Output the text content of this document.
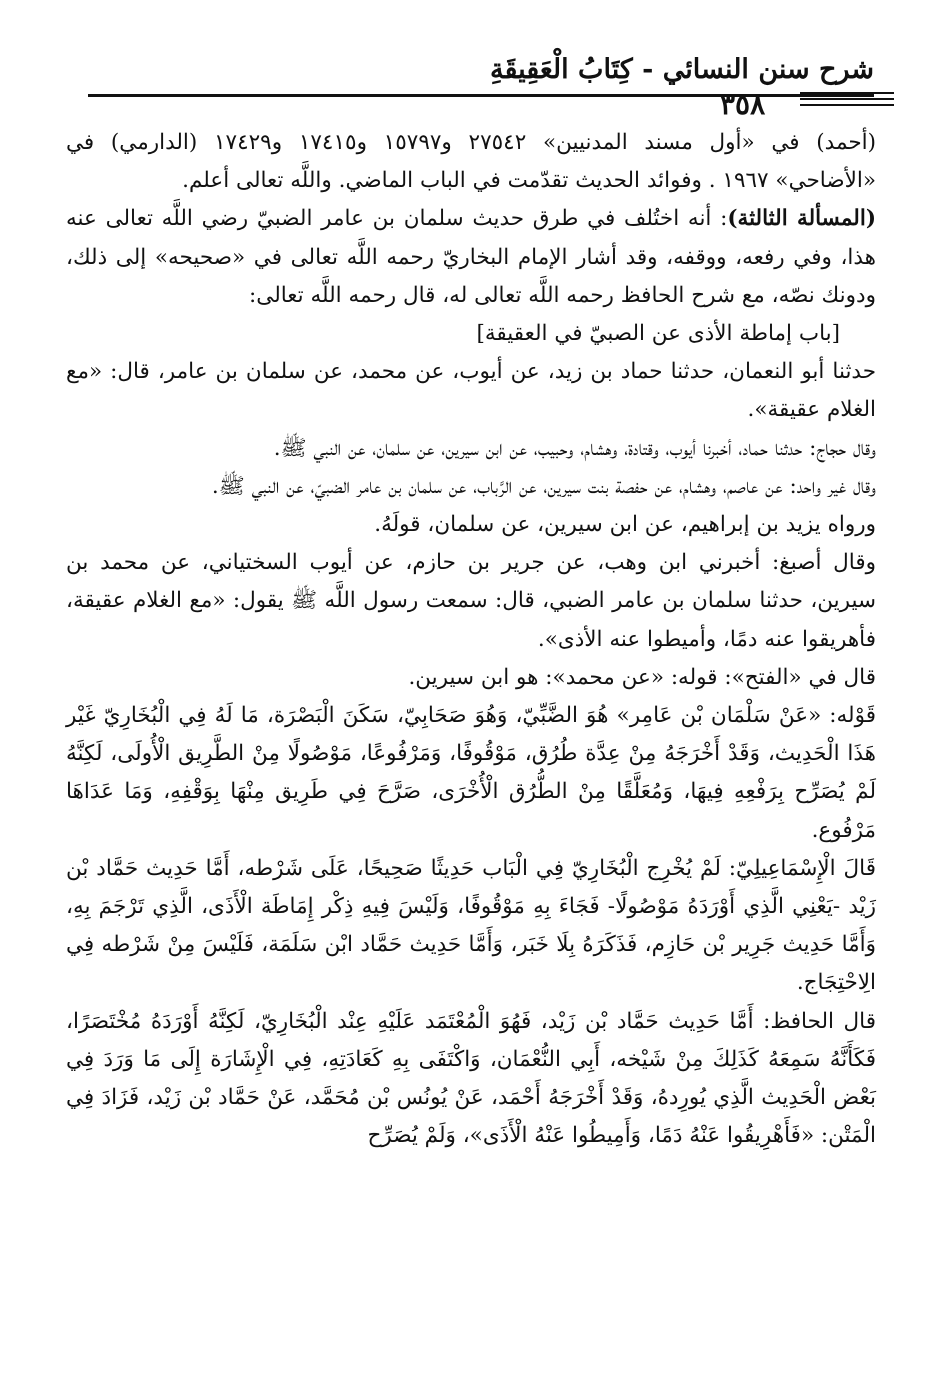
شرح سنن النسائي - كِتَابُ الْعَقِيقَةِ
٣٥٨

(أحمد) في «أول مسند المدنيين» ٢٧٥٤٢ و١٥٧٩٧ و١٧٤١٥ و١٧٤٢٩ (الدارمي) في «الأضاحي» ١٩٦٧ . وفوائد الحديث تقدّمت في الباب الماضي. واللَّه تعالى أعلم.

(المسألة الثالثة): أنه اختُلف في طرق حديث سلمان بن عامر الضبيّ رضي اللَّه تعالى عنه هذا، وفي رفعه، ووقفه، وقد أشار الإمام البخاريّ رحمه اللَّه تعالى في «صحيحه» إلى ذلك، ودونك نصّه، مع شرح الحافظ رحمه اللَّه تعالى له، قال رحمه اللَّه تعالى:

[باب إماطة الأذى عن الصبيّ في العقيقة]

حدثنا أبو النعمان، حدثنا حماد بن زيد، عن أيوب، عن محمد، عن سلمان بن عامر، قال: «مع الغلام عقيقة».

وقال حجاج: حدثنا حماد، أخبرنا أيوب، وقتادة، وهشام، وحبيب، عن ابن سيرين، عن سلمان، عن النبي ﷺ.

وقال غير واحد: عن عاصم، وهشام، عن حفصة بنت سيرين، عن الرَّباب، عن سلمان بن عامر الضبيّ، عن النبي ﷺ.

ورواه يزيد بن إبراهيم، عن ابن سيرين، عن سلمان، قولَهُ.

وقال أصبغ: أخبرني ابن وهب، عن جرير بن حازم، عن أيوب السختياني، عن محمد بن سيرين، حدثنا سلمان بن عامر الضبي، قال: سمعت رسول اللَّه ﷺ يقول: «مع الغلام عقيقة، فأهريقوا عنه دمًا، وأميطوا عنه الأذى».

قال في «الفتح»: قوله: «عن محمد»: هو ابن سيرين.

قَوْله: «عَنْ سَلْمَان بْن عَامِر» هُوَ الضَّبِّيّ، وَهُوَ صَحَابِيّ، سَكَنَ الْبَصْرَة، مَا لَهُ فِي الْبُخَارِيّ غَيْر هَذَا الْحَدِيث، وَقَدْ أَخْرَجَهُ مِنْ عِدَّة طُرُق، مَوْقُوفًا، وَمَرْفُوعًا، مَوْصُولًا مِنْ الطَّرِيق الْأُولَى، لَكِنَّهُ لَمْ يُصَرِّح بِرَفْعِهِ فِيهَا، وَمُعَلَّقًا مِنْ الطُّرُق الْأُخْرَى، صَرَّحَ فِي طَرِيق مِنْهَا بِوَقْفِهِ، وَمَا عَدَاهَا مَرْفُوع.

قَالَ الْإِسْمَاعِيلِيّ: لَمْ يُخْرِج الْبُخَارِيّ فِي الْبَاب حَدِيثًا صَحِيحًا، عَلَى شَرْطه، أَمَّا حَدِيث حَمَّاد بْن زَيْد -يَعْنِي الَّذِي أَوْرَدَهُ مَوْصُولًا- فَجَاءَ بِهِ مَوْقُوفًا، وَلَيْسَ فِيهِ ذِكْر إِمَاطَة الْأَذَى، الَّذِي تَرْجَمَ بِهِ، وَأَمَّا حَدِيث جَرِير بْن حَازِم، فَذَكَرَهُ بِلَا خَبَر، وَأَمَّا حَدِيث حَمَّاد ابْن سَلَمَة، فَلَيْسَ مِنْ شَرْطه فِي الِاحْتِجَاج.

قال الحافظ: أَمَّا حَدِيث حَمَّاد بْن زَيْد، فَهُوَ الْمُعْتَمَد عَلَيْهِ عِنْد الْبُخَارِيّ، لَكِنَّهُ أَوْرَدَهُ مُخْتَصَرًا، فَكَأَنَّهُ سَمِعَهُ كَذَلِكَ مِنْ شَيْخه، أَبِي النُّعْمَان، وَاكْتَفَى بِهِ كَعَادَتِهِ، فِي الْإِشَارَة إِلَى مَا وَرَدَ فِي بَعْض الْحَدِيث الَّذِي يُورِدهُ، وَقَدْ أَخْرَجَهُ أَحْمَد، عَنْ يُونُس بْن مُحَمَّد، عَنْ حَمَّاد بْن زَيْد، فَزَادَ فِي الْمَتْن: «فَأَهْرِيقُوا عَنْهُ دَمًا، وَأَمِيطُوا عَنْهُ الْأَذَى»، وَلَمْ يُصَرِّح
